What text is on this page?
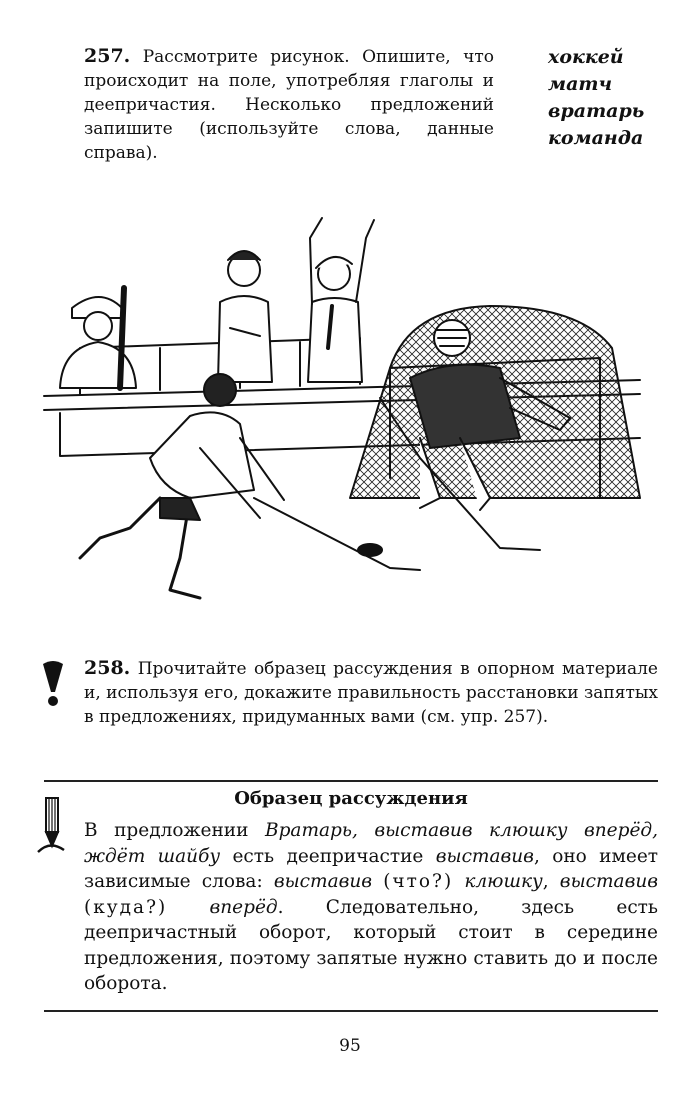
257. Рассмотрите рисунок. Опишите, что происходит на поле, употребляя глаголы и деепричастия. Несколько предложений запишите (используйте слова, данные справа).
хоккей
матч
вратарь
команда
258. Прочитайте образец рассуждения в опорном материале и, используя его, докажите правильность расстановки запятых в предложениях, придуманных вами (см. упр. 257).
Образец рассуждения
В предложении Вратарь, выставив клюшку вперёд, ждёт шайбу есть деепричастие выставив, оно имеет зависимые слова: выставив (что?) клюшку, выставив (куда?) вперёд. Следовательно, здесь есть деепричастный оборот, который стоит в середине предложения, поэтому запятые нужно ставить до и после оборота.
95
